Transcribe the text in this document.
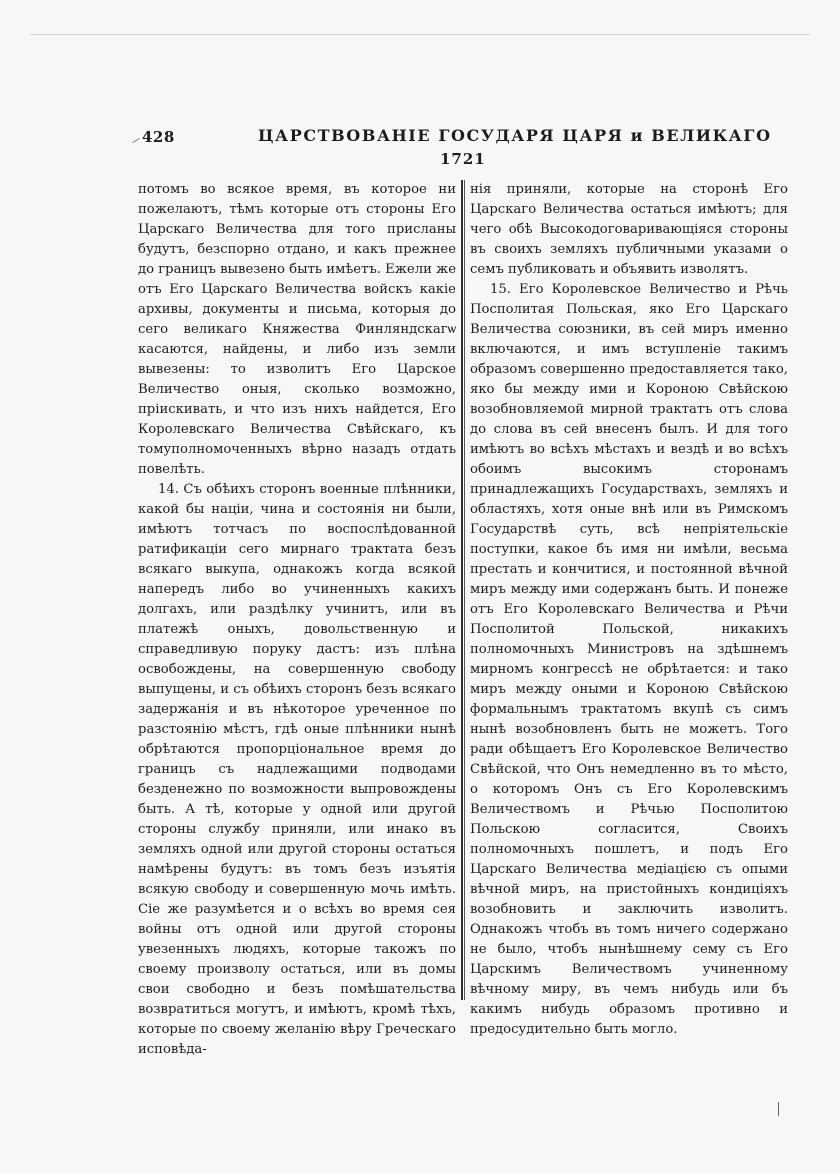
428	ЦАРСТВОВАНІЕ ГОСУДАРЯ ЦАРЯ и ВЕЛИКАГО
1721

потомъ во всякое время, въ которое ни пожелаютъ, тѣмъ которые отъ стороны Его Царскаго Величества для того присланы будутъ, безспорно отдано, и какъ прежнее до границъ вывезено быть имѣетъ. Ежели же отъ Его Царскаго Величества войскъ какіе архивы, документы и письма, которыя до сего великаго Княжества Финляндскагѡ касаются, найдены, и либо изъ земли вывезены: то изволитъ Его Царское Величество оныя, сколько возможно, пріискивать, и что изъ нихъ найдется, Его Королевскаго Величества Свѣйскаго, къ томуполномоченныхъ вѣрно назадъ отдать повелѣть.

14. Съ обѣихъ сторонъ военные плѣнники, какой бы націи, чина и состоянія ни были, имѣютъ тотчасъ по воспослѣдованной ратификаціи сего мирнаго трактата безъ всякаго выкупа, однакожъ когда всякой напередъ либо во учиненныхъ какихъ долгахъ, или раздѣлку учинитъ, или въ платежѣ оныхъ, довольственную и справедливую поруку дастъ: изъ плѣна освобождены, на совершенную свободу выпущены, и съ обѣихъ сторонъ безъ всякаго задержанія и въ нѣкоторое уреченное по разстоянію мѣстъ, гдѣ оные плѣнники нынѣ обрѣтаются пропорціональное время до границъ съ надлежащими подводами безденежно по возможности выпровождены быть. А тѣ, которые у одной или другой стороны службу приняли, или инако въ земляхъ одной или другой стороны остаться намѣрены будутъ: въ томъ безъ изъятія всякую свободу и совершенную мочь имѣть. Сіе же разумѣется и о всѣхъ во время сея войны отъ одной или другой стороны увезенныхъ людяхъ, которые такожъ по своему произволу остаться, или въ домы свои свободно и безъ помѣшательства возвратиться могутъ, и имѣютъ, кромѣ тѣхъ, которые по своему желанію вѣру Греческаго исповѣда-

нія приняли, которые на сторонѣ Его Царскаго Величества остаться имѣютъ; для чего обѣ Высокодоговаривающіяся стороны въ своихъ земляхъ публичными указами о семъ публиковать и объявить изволятъ.

15. Его Королевское Величество и Рѣчь Посполитая Польская, яко Его Царскаго Величества союзники, въ сей миръ именно включаются, и имъ вступленіе такимъ образомъ совершенно предоставляется тако, яко бы между ими и Короною Свѣйскою возобновляемой мирной трактатъ отъ слова до слова въ сей внесенъ былъ. И для того имѣютъ во всѣхъ мѣстахъ и вездѣ и во всѣхъ обоимъ высокимъ сторонамъ принадлежащихъ Государствахъ, земляхъ и областяхъ, хотя оные внѣ или въ Римскомъ Государствѣ суть, всѣ непріятельскіе поступки, какое бъ имя ни имѣли, весьма престать и кончитися, и постоянной вѣчной миръ между ими содержанъ быть. И понеже отъ Его Королевскаго Величества и Рѣчи Посполитой Польской, никакихъ полномочныхъ Министровъ на здѣшнемъ мирномъ конгрессѣ не обрѣтается: и тако миръ между оными и Короною Свѣйскою формальнымъ трактатомъ вкупѣ съ симъ нынѣ возобновленъ быть не можетъ. Того ради обѣщаетъ Его Королевское Величество Свѣйской, что Онъ немедленно въ то мѣсто, о которомъ Онъ съ Его Королевскимъ Величествомъ и Рѣчью Посполитою Польскою согласится, Своихъ полномочныхъ пошлетъ, и подъ Его Царскаго Величества медіацією съ опыми вѣчной миръ, на пристойныхъ кондиціяхъ возобновить и заключить изволитъ. Однакожъ чтобъ въ томъ ничего содержано не было, чтобъ нынѣшнему сему съ Его Царскимъ Величествомъ учиненному вѣчному миру, въ чемъ нибудь или бъ какимъ нибудь образомъ противно и предосудительно быть могло.
